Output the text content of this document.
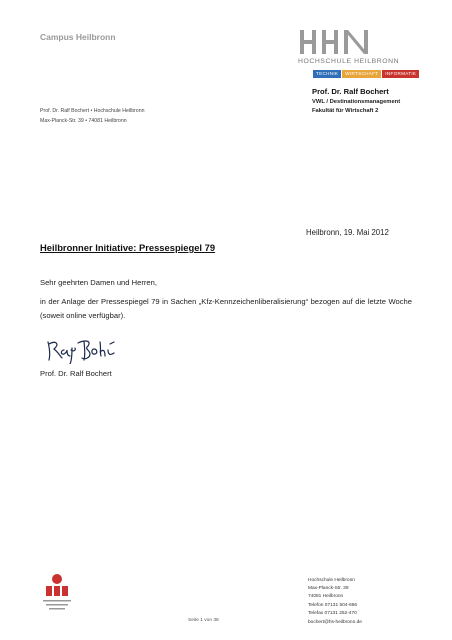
Campus Heilbronn
HOCHSCHULE HEILBRONN
TECHNIK	WIRTSCHAFT	INFORMATIK
Prof. Dr. Ralf Bochert
VWL / Destinationsmanagement
Fakultät für Wirtschaft 2
Prof. Dr. Ralf Bochert • Hochschule Heilbronn
Max-Planck-Str. 39 • 74081 Heilbronn
Heilbronn, 19. Mai 2012
Heilbronner Initiative: Pressespiegel 79
Sehr geehrten Damen und Herren,
in der Anlage der Pressespiegel 79 in Sachen „Kfz-Kennzeichenliberalisierung“ bezogen auf die letzte Woche (soweit online verfügbar).
Prof. Dr. Ralf Bochert
Seite 1 von 38
Hochschule Heilbronn
Max-Planck-Str. 39
74081 Heilbronn
Telefon 07131 504-656
Telefax 07131 252-470
bochert@hs-heilbronn.de
